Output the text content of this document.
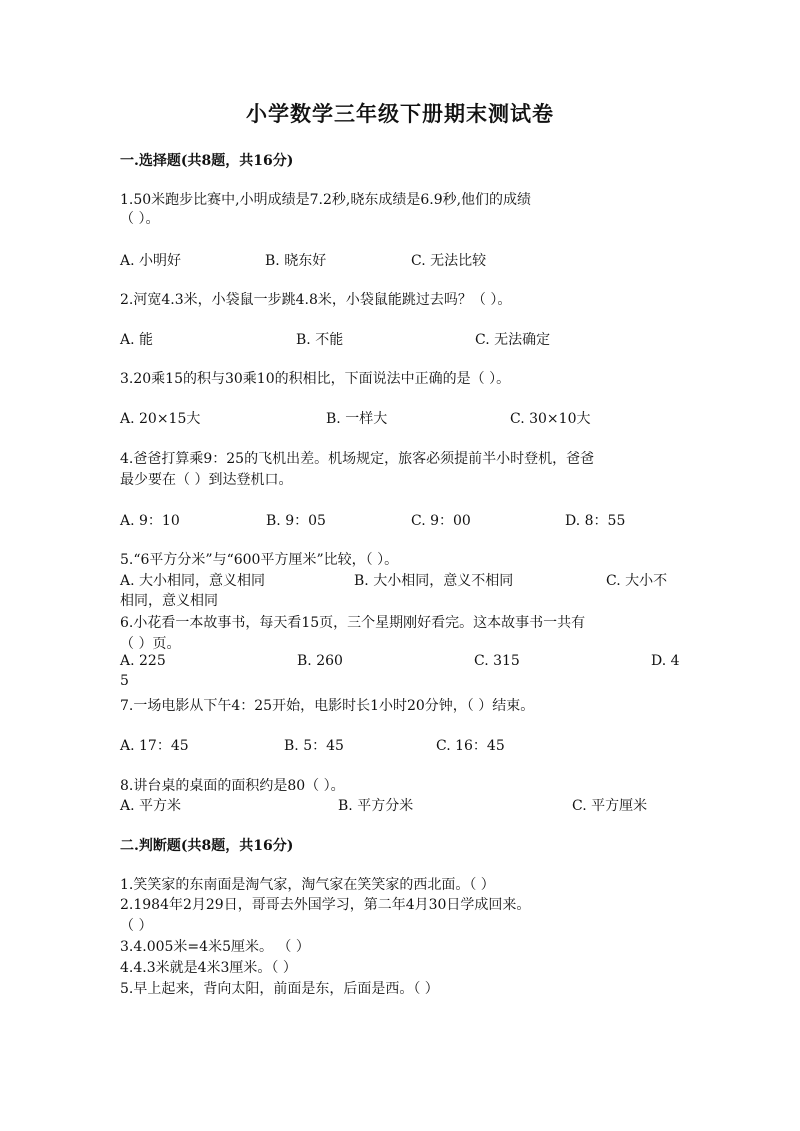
小学数学三年级下册期末测试卷
一.选择题(共8题，共16分)
1.50米跑步比赛中,小明成绩是7.2秒,晓东成绩是6.9秒,他们的成绩
（ ）。
A. 小明好	B. 晓东好	C. 无法比较
2.河宽4.3米，小袋鼠一步跳4.8米，小袋鼠能跳过去吗？（ ）。
A. 能	B. 不能	C. 无法确定
3.20乘15的积与30乘10的积相比，下面说法中正确的是（ ）。
A. 20×15大	B. 一样大	C. 30×10大
4.爸爸打算乘9：25的飞机出差。机场规定，旅客必须提前半小时登机，爸爸
最少要在（ ）到达登机口。
A. 9：10	B. 9：05	C. 9：00	D. 8：55
5.“6平方分米”与“600平方厘米”比较，（ ）。
A. 大小相同，意义相同	B. 大小相同，意义不相同	C. 大小不
相同，意义相同
6.小花看一本故事书，每天看15页，三个星期刚好看完。这本故事书一共有
（ ）页。
A. 225	B. 260	C. 315	D. 4
5
7.一场电影从下午4：25开始，电影时长1小时20分钟，（ ）结束。
A. 17：45	B. 5：45	C. 16：45
8.讲台桌的桌面的面积约是80（ ）。
A. 平方米	B. 平方分米	C. 平方厘米
二.判断题(共8题，共16分)
1.笑笑家的东南面是淘气家，淘气家在笑笑家的西北面。（ ）
2.1984年2月29日，哥哥去外国学习，第二年4月30日学成回来。
（ ）
3.4.005米=4米5厘米。 （ ）
4.4.3米就是4米3厘米。（ ）
5.早上起来，背向太阳，前面是东，后面是西。（ ）
